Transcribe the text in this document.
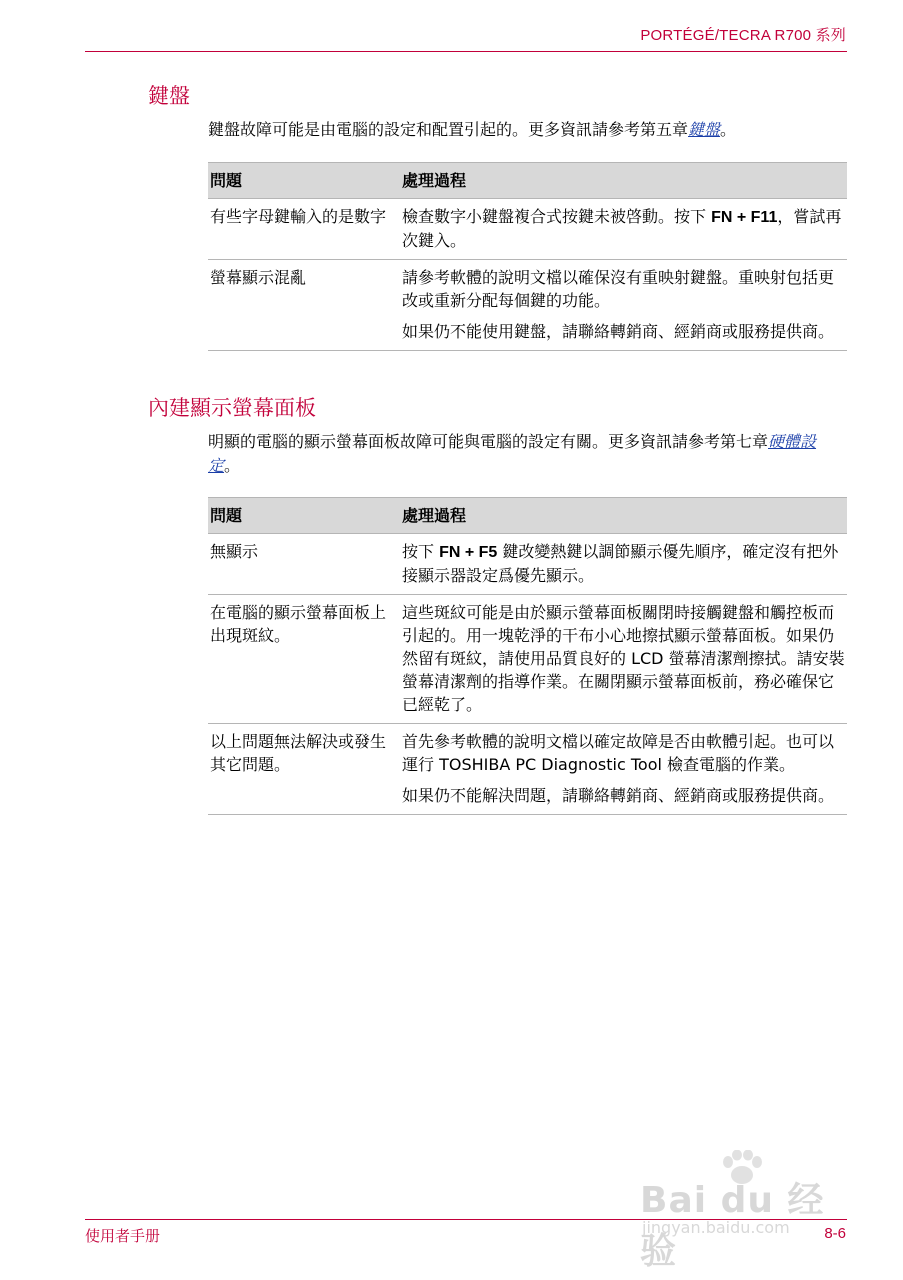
PORTÉGÉ/TECRA R700 系列
鍵盤
鍵盤故障可能是由電腦的設定和配置引起的。更多資訊請參考第五章鍵盤。
問題	處理過程
有些字母鍵輸入的是數字	檢查數字小鍵盤複合式按鍵未被啓動。按下 FN + F11，嘗試再次鍵入。

螢幕顯示混亂	請參考軟體的說明文檔以確保沒有重映射鍵盤。重映射包括更改或重新分配每個鍵的功能。

如果仍不能使用鍵盤，請聯絡轉銷商、經銷商或服務提供商。

內建顯示螢幕面板
明顯的電腦的顯示螢幕面板故障可能與電腦的設定有關。更多資訊請參考第七章硬體設定。
問題	處理過程
無顯示	按下 FN + F5 鍵改變熱鍵以調節顯示優先順序，確定沒有把外接顯示器設定爲優先顯示。

在電腦的顯示螢幕面板上出現斑紋。	這些斑紋可能是由於顯示螢幕面板關閉時接觸鍵盤和觸控板而引起的。用一塊乾淨的干布小心地擦拭顯示螢幕面板。如果仍然留有斑紋，請使用品質良好的 LCD 螢幕清潔劑擦拭。請安裝螢幕清潔劑的指導作業。在關閉顯示螢幕面板前，務必確保它已經乾了。

以上問題無法解決或發生其它問題。	首先參考軟體的說明文檔以確定故障是否由軟體引起。也可以運行 TOSHIBA PC Diagnostic Tool 檢查電腦的作業。

如果仍不能解決問題，請聯絡轉銷商、經銷商或服務提供商。

Bai du 经验
jingyan.baidu.com
使用者手册	8-6
